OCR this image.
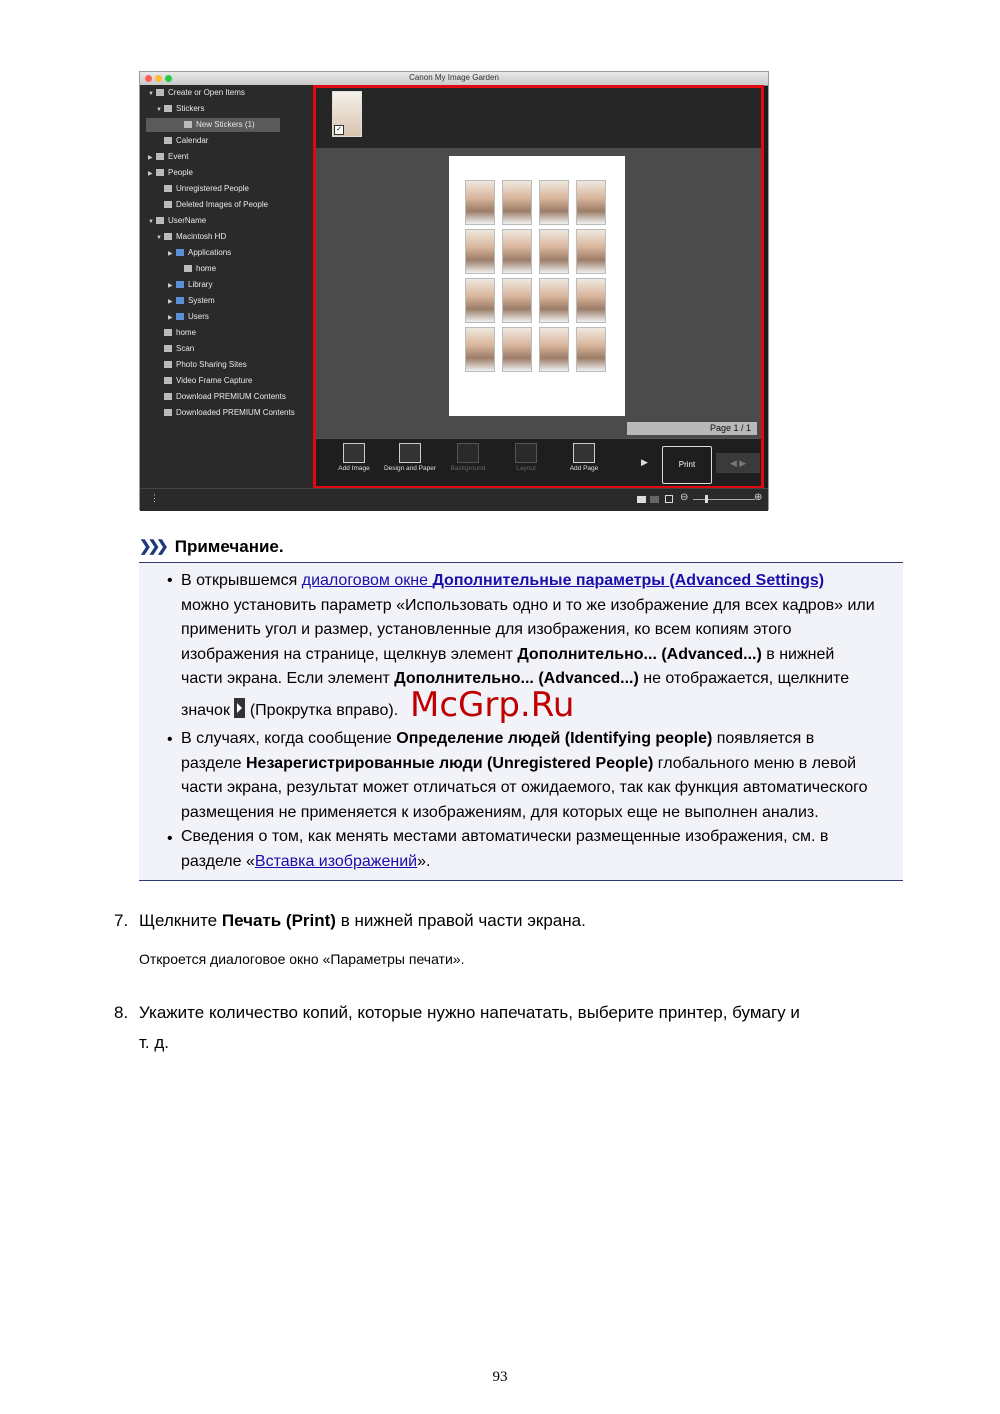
Canon My Image Garden
▼ Create or Open Items
▼ Stickers
New Stickers (1)
Calendar
▶ Event
▶ People
Unregistered People
Deleted Images of People
▼ UserName
▼ Macintosh HD
▶ Applications
home
▶ Library
▶ System
▶ Users
home
Scan
Photo Sharing Sites
Video Frame Capture
Download PREMIUM Contents
Downloaded PREMIUM Contents
✓
Page 1 / 1
Add Image	Design and Paper	Background	Layout	Add Page
▶	Print	◀ ▶
⋮	⊖	⊕
❯❯❯ Примечание.
• В открывшемся диалоговом окне Дополнительные параметры (Advanced Settings)
можно установить параметр «Использовать одно и то же изображение для всех кадров» или
применить угол и размер, установленные для изображения, ко всем копиям этого
изображения на странице, щелкнув элемент Дополнительно... (Advanced...) в нижней
части экрана. Если элемент Дополнительно... (Advanced...) не отображается, щелкните
значок  (Прокрутка вправо).
• В случаях, когда сообщение Определение людей (Identifying people) появляется в
разделе Незарегистрированные люди (Unregistered People) глобального меню в левой
части экрана, результат может отличаться от ожидаемого, так как функция автоматического
размещения не применяется к изображениям, для которых еще не выполнен анализ.
• Сведения о том, как менять местами автоматически размещенные изображения, см. в
разделе «Вставка изображений».
McGrp.Ru
7. Щелкните Печать (Print) в нижней правой части экрана.
Откроется диалоговое окно «Параметры печати».
8. Укажите количество копий, которые нужно напечатать, выберите принтер, бумагу и
т. д.
93
